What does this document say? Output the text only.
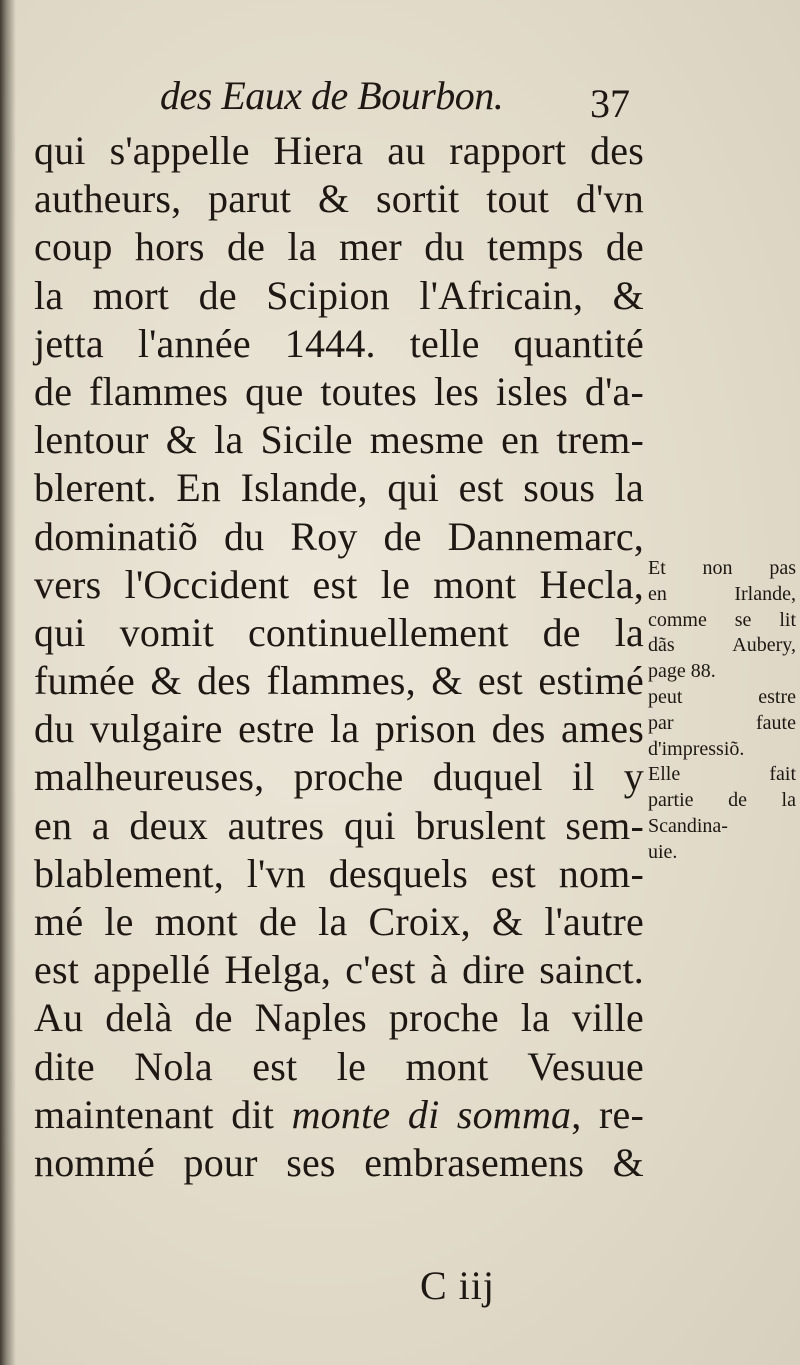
des Eaux de Bourbon. 37
qui s'appelle Hiera au rapport des
autheurs, parut & sortit tout d'vn
coup hors de la mer du temps de
la mort de Scipion l'Africain, &
jetta l'année 1444. telle quantité
de flammes que toutes les isles d'a-
lentour & la Sicile mesme en trem-
blerent. En Islande, qui est sous la
dominatiõ du Roy de Dannemarc,
vers l'Occident est le mont Hecla,
qui vomit continuellement de la
fumée & des flammes, & est estimé
du vulgaire estre la prison des ames
malheureuses, proche duquel il y
en a deux autres qui bruslent sem-
blablement, l'vn desquels est nom-
mé le mont de la Croix, & l'autre
est appellé Helga, c'est à dire sainct.
Au delà de Naples proche la ville
dite Nola est le mont Vesuue
maintenant dit monte di somma, re-
nommé pour ses embrasemens &
Et non pas
en Irlande,
comme se lit
dãs Aubery,
page 88.
peut estre
par faute
d'impressiõ.
Elle fait
partie de la
Scandina-
uie.
C iij
